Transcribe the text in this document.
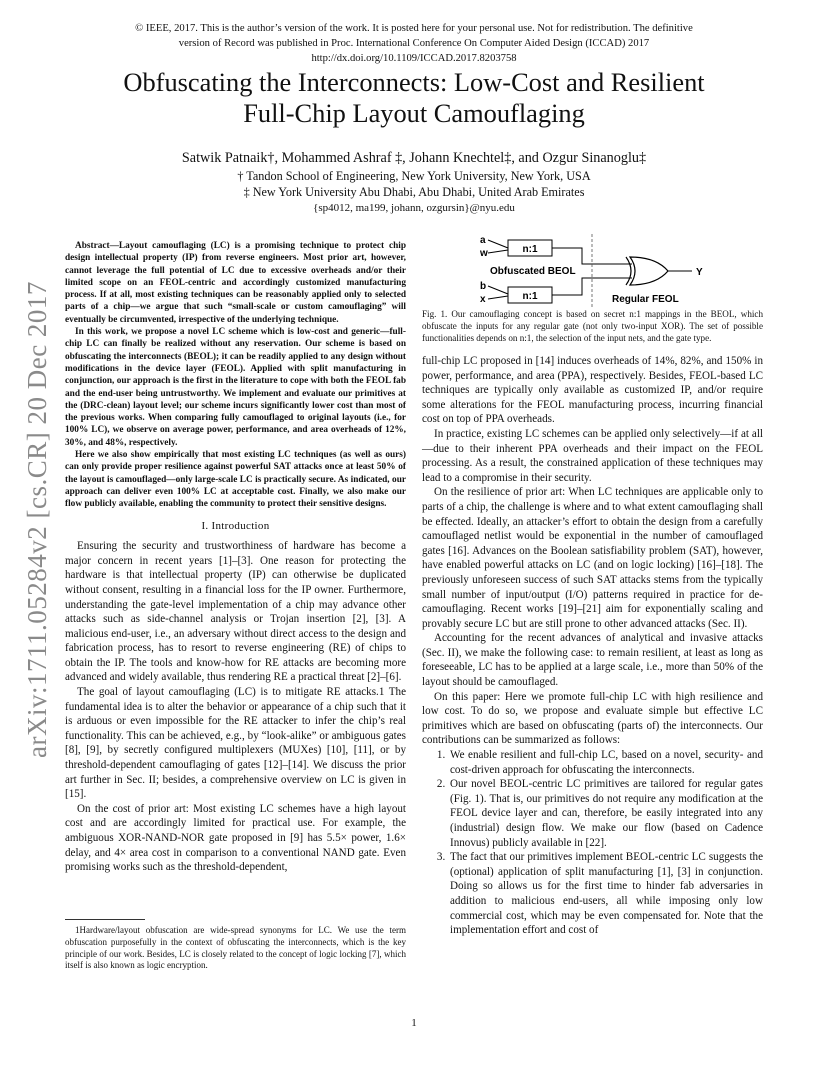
© IEEE, 2017. This is the author’s version of the work. It is posted here for your personal use. Not for redistribution. The definitive
version of Record was published in Proc. International Conference On Computer Aided Design (ICCAD) 2017
http://dx.doi.org/10.1109/ICCAD.2017.8203758
Obfuscating the Interconnects: Low-Cost and Resilient
Full-Chip Layout Camouflaging
Satwik Patnaik†, Mohammed Ashraf ‡, Johann Knechtel‡, and Ozgur Sinanoglu‡
† Tandon School of Engineering, New York University, New York, USA
‡ New York University Abu Dhabi, Abu Dhabi, United Arab Emirates
{sp4012, ma199, johann, ozgursin}@nyu.edu
arXiv:1711.05284v2 [cs.CR] 20 Dec 2017

Abstract—Layout camouflaging (LC) is a promising technique to protect chip design intellectual property (IP) from reverse engineers. Most prior art, however, cannot leverage the full potential of LC due to excessive overheads and/or their limited scope on an FEOL-centric and accordingly customized manufacturing process. If at all, most existing techniques can be reasonably applied only to selected parts of a chip—we argue that such “small-scale or custom camouflaging” will eventually be circumvented, irrespective of the underlying technique.

In this work, we propose a novel LC scheme which is low-cost and generic—full-chip LC can finally be realized without any reservation. Our scheme is based on obfuscating the interconnects (BEOL); it can be readily applied to any design without modifications in the device layer (FEOL). Applied with split manufacturing in conjunction, our approach is the first in the literature to cope with both the FEOL fab and the end-user being untrustworthy. We implement and evaluate our primitives at the (DRC-clean) layout level; our scheme incurs significantly lower cost than most of the previous works. When comparing fully camouflaged to original layouts (i.e., for 100% LC), we observe on average power, performance, and area overheads of 12%, 30%, and 48%, respectively.

Here we also show empirically that most existing LC techniques (as well as ours) can only provide proper resilience against powerful SAT attacks once at least 50% of the layout is camouflaged—only large-scale LC is practically secure. As indicated, our approach can deliver even 100% LC at acceptable cost. Finally, we also make our flow publicly available, enabling the community to protect their sensitive designs.

I. Introduction

Ensuring the security and trustworthiness of hardware has become a major concern in recent years [1]–[3]. One reason for protecting the hardware is that intellectual property (IP) can otherwise be duplicated without consent, resulting in a financial loss for the IP owner. Furthermore, understanding the gate-level implementation of a chip may advance other attacks such as side-channel analysis or Trojan insertion [2], [3]. A malicious end-user, i.e., an adversary without direct access to the design and fabrication process, has to resort to reverse engineering (RE) of chips to obtain the IP. The tools and know-how for RE attacks are becoming more advanced and widely available, thus rendering RE a practical threat [2]–[6].

The goal of layout camouflaging (LC) is to mitigate RE attacks.1 The fundamental idea is to alter the behavior or appearance of a chip such that it is arduous or even impossible for the RE attacker to infer the chip’s real functionality. This can be achieved, e.g., by “look-alike” or ambiguous gates [8], [9], by secretly configured multiplexers (MUXes) [10], [11], or by threshold-dependent camouflaging of gates [12]–[14]. We discuss the prior art further in Sec. II; besides, a comprehensive overview on LC is given in [15].

On the cost of prior art: Most existing LC schemes have a high layout cost and are accordingly limited for practical use. For example, the ambiguous XOR-NAND-NOR gate proposed in [9] has 5.5× power, 1.6× delay, and 4× area cost in comparison to a conventional NAND gate. Even promising works such as the threshold-dependent,

1Hardware/layout obfuscation are wide-spread synonyms for LC. We use the term obfuscation purposefully in the context of obfuscating the interconnects, which is the key principle of our work. Besides, LC is closely related to the concept of logic locking [7], which itself is also known as logic encryption.

a
w	n:1
b
x	n:1
Obfuscated BEOL	Y
Regular FEOL
Fig. 1. Our camouflaging concept is based on secret n:1 mappings in the BEOL, which obfuscate the inputs for any regular gate (not only two-input XOR). The set of possible functionalities depends on n:1, the selection of the input nets, and the gate type.

full-chip LC proposed in [14] induces overheads of 14%, 82%, and 150% in power, performance, and area (PPA), respectively. Besides, FEOL-based LC techniques are typically only available as customized IP, and/or require some alterations for the FEOL manufacturing process, incurring financial cost on top of PPA overheads.

In practice, existing LC schemes can be applied only selectively—if at all—due to their inherent PPA overheads and their impact on the FEOL processing. As a result, the constrained application of these techniques may lead to a compromise in their security.

On the resilience of prior art: When LC techniques are applicable only to parts of a chip, the challenge is where and to what extent camouflaging shall be effected. Ideally, an attacker’s effort to obtain the design from a carefully camouflaged netlist would be exponential in the number of camouflaged gates [16]. Advances on the Boolean satisfiability problem (SAT), however, have enabled powerful attacks on LC (and on logic locking) [16]–[18]. The previously unforeseen success of such SAT attacks stems from the typically small number of input/output (I/O) patterns required in practice for de-camouflaging. Recent works [19]–[21] aim for exponentially scaling and provably secure LC but are still prone to other advanced attacks (Sec. II).

Accounting for the recent advances of analytical and invasive attacks (Sec. II), we make the following case: to remain resilient, at least as long as foreseeable, LC has to be applied at a large scale, i.e., more than 50% of the layout should be camouflaged.

On this paper: Here we promote full-chip LC with high resilience and low cost. To do so, we propose and evaluate simple but effective LC primitives which are based on obfuscating (parts of) the interconnects. Our contributions can be summarized as follows:

1. We enable resilient and full-chip LC, based on a novel, security- and cost-driven approach for obfuscating the interconnects.
2. Our novel BEOL-centric LC primitives are tailored for regular gates (Fig. 1). That is, our primitives do not require any modification at the FEOL device layer and can, therefore, be easily integrated into any (industrial) design flow. We make our flow (based on Cadence Innovus) publicly available in [22].
3. The fact that our primitives implement BEOL-centric LC suggests the (optional) application of split manufacturing [1], [3] in conjunction. Doing so allows us for the first time to hinder fab adversaries in addition to malicious end-users, all while imposing only low commercial cost, which may be even compensated for. Note that the implementation effort and cost of
1
